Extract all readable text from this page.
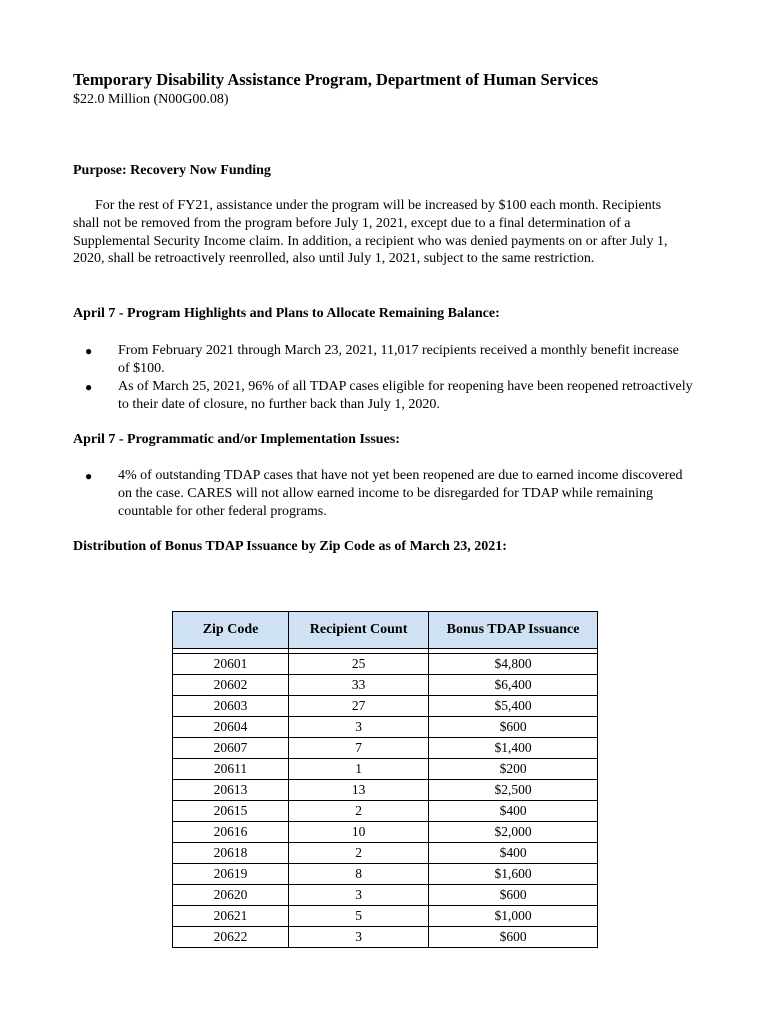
Temporary Disability Assistance Program, Department of Human Services
$22.0 Million (N00G00.08)
Purpose: Recovery Now Funding
For the rest of FY21, assistance under the program will be increased by $100 each month. Recipients shall not be removed from the program before July 1, 2021, except due to a final determination of a Supplemental Security Income claim. In addition, a recipient who was denied payments on or after July 1, 2020, shall be retroactively reenrolled, also until July 1, 2021, subject to the same restriction.
April 7 - Program Highlights and Plans to Allocate Remaining Balance:
● From February 2021 through March 23, 2021, 11,017 recipients received a monthly benefit increase of $100.
● As of March 25, 2021, 96% of all TDAP cases eligible for reopening have been reopened retroactively to their date of closure, no further back than July 1, 2020.
April 7 - Programmatic and/or Implementation Issues:
● 4% of outstanding TDAP cases that have not yet been reopened are due to earned income discovered on the case. CARES will not allow earned income to be disregarded for TDAP while remaining countable for other federal programs.
Distribution of Bonus TDAP Issuance by Zip Code as of March 23, 2021:
Zip Code	Recipient Count	Bonus TDAP Issuance

20601	25	$4,800
20602	33	$6,400
20603	27	$5,400
20604	3	$600
20607	7	$1,400
20611	1	$200
20613	13	$2,500
20615	2	$400
20616	10	$2,000
20618	2	$400
20619	8	$1,600
20620	3	$600
20621	5	$1,000
20622	3	$600
